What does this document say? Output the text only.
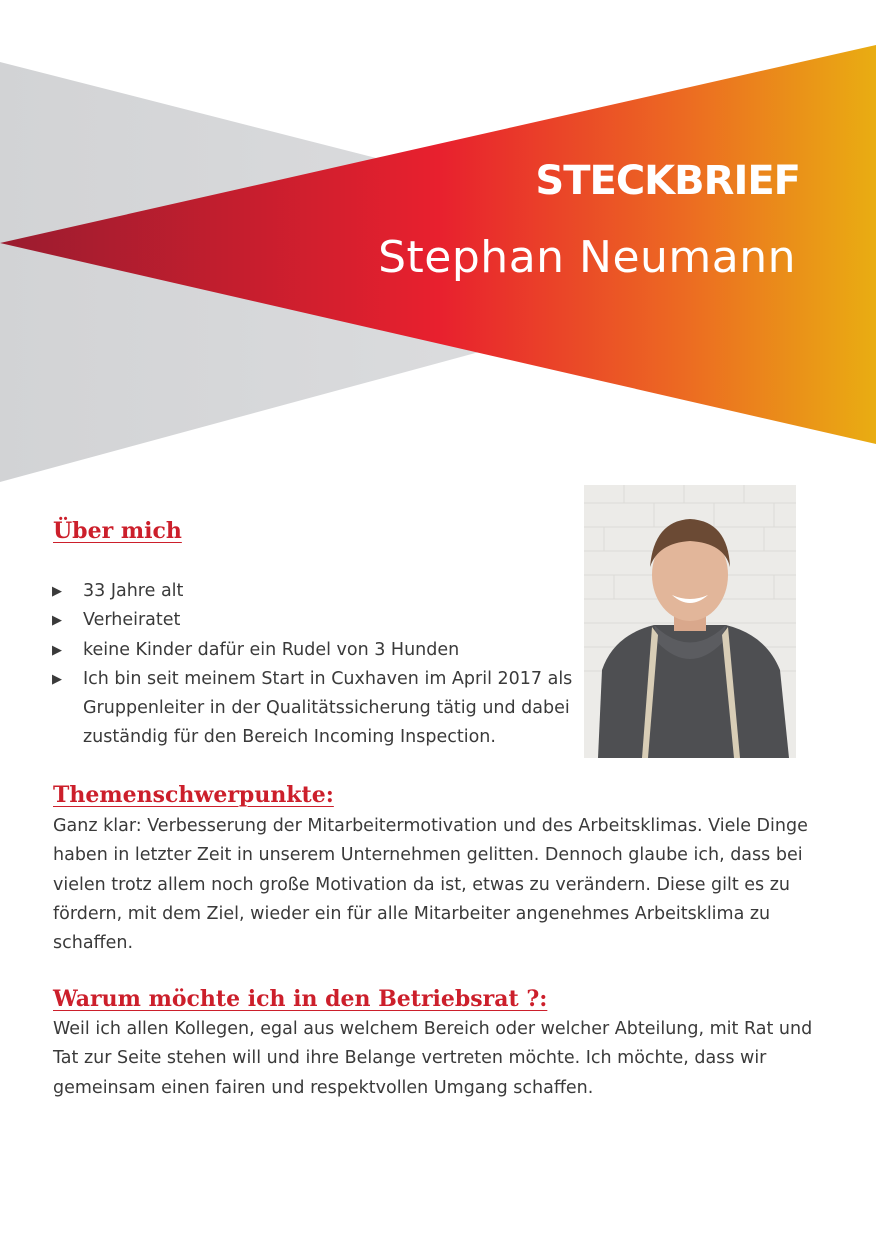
STECKBRIEF
Stephan Neumann
Über mich
▶ 33 Jahre alt
▶ Verheiratet
▶ keine Kinder dafür ein Rudel von 3 Hunden
▶ Ich bin seit meinem Start in Cuxhaven im April 2017 als Gruppenleiter in der Qualitätssicherung tätig und dabei zuständig für den Bereich Incoming Inspection.
Themenschwerpunkte:

Ganz klar: Verbesserung der Mitarbeitermotivation und des Arbeitsklimas. Viele Dinge haben in letzter Zeit in unserem Unternehmen gelitten. Dennoch glaube ich, dass bei vielen trotz allem noch große Motivation da ist, etwas zu verändern. Diese gilt es zu fördern, mit dem Ziel, wieder ein für alle Mitarbeiter angenehmes Arbeitsklima zu schaffen.

Warum möchte ich in den Betriebsrat ?:

Weil ich allen Kollegen, egal aus welchem Bereich oder welcher Abteilung, mit Rat und Tat zur Seite stehen will und ihre Belange vertreten möchte. Ich möchte, dass wir gemeinsam einen fairen und respektvollen Umgang schaffen.
